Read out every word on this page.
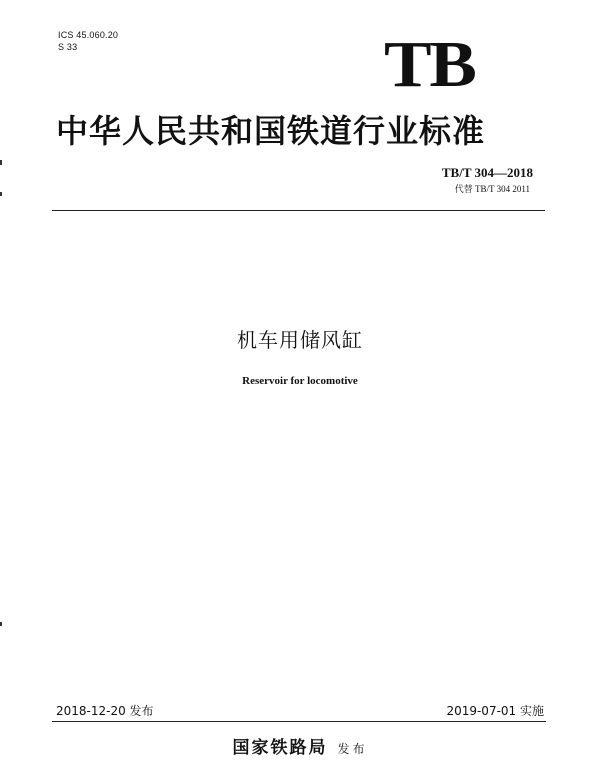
ICS 45.060.20
S 33	TB
中华人民共和国铁道行业标准
TB/T 304—2018
代替 TB/T 304 2011
机车用储风缸
Reservoir for locomotive
2018-12-20 发布	2019-07-01 实施
国家铁路局 发布
